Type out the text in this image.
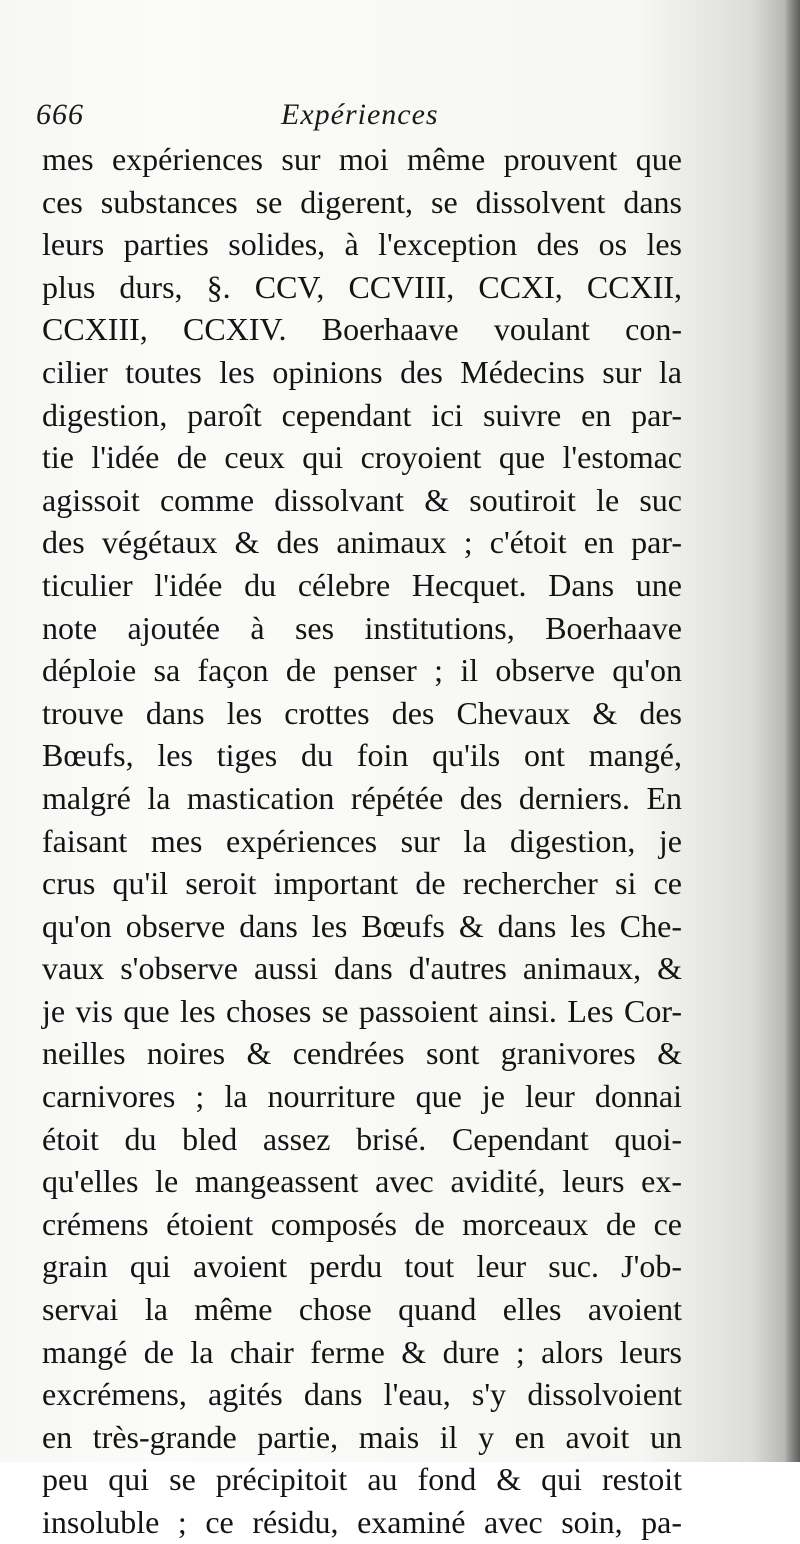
666	Expériences
mes expériences sur moi même prouvent que
ces substances se digerent, se dissolvent dans
leurs parties solides, à l'exception des os les
plus durs, §. CCV, CCVIII, CCXI, CCXII,
CCXIII, CCXIV. Boerhaave voulant con-
cilier toutes les opinions des Médecins sur la
digestion, paroît cependant ici suivre en par-
tie l'idée de ceux qui croyoient que l'estomac
agissoit comme dissolvant & soutiroit le suc
des végétaux & des animaux ; c'étoit en par-
ticulier l'idée du célebre Hecquet. Dans une
note ajoutée à ses institutions, Boerhaave
déploie sa façon de penser ; il observe qu'on
trouve dans les crottes des Chevaux & des
Bœufs, les tiges du foin qu'ils ont mangé,
malgré la mastication répétée des derniers. En
faisant mes expériences sur la digestion, je
crus qu'il seroit important de rechercher si ce
qu'on observe dans les Bœufs & dans les Che-
vaux s'observe aussi dans d'autres animaux, &
je vis que les choses se passoient ainsi. Les Cor-
neilles noires & cendrées sont granivores &
carnivores ; la nourriture que je leur donnai
étoit du bled assez brisé. Cependant quoi-
qu'elles le mangeassent avec avidité, leurs ex-
crémens étoient composés de morceaux de ce
grain qui avoient perdu tout leur suc. J'ob-
servai la même chose quand elles avoient
mangé de la chair ferme & dure ; alors leurs
excrémens, agités dans l'eau, s'y dissolvoient
en très-grande partie, mais il y en avoit un
peu qui se précipitoit au fond & qui restoit
insoluble ; ce résidu, examiné avec soin, pa-
